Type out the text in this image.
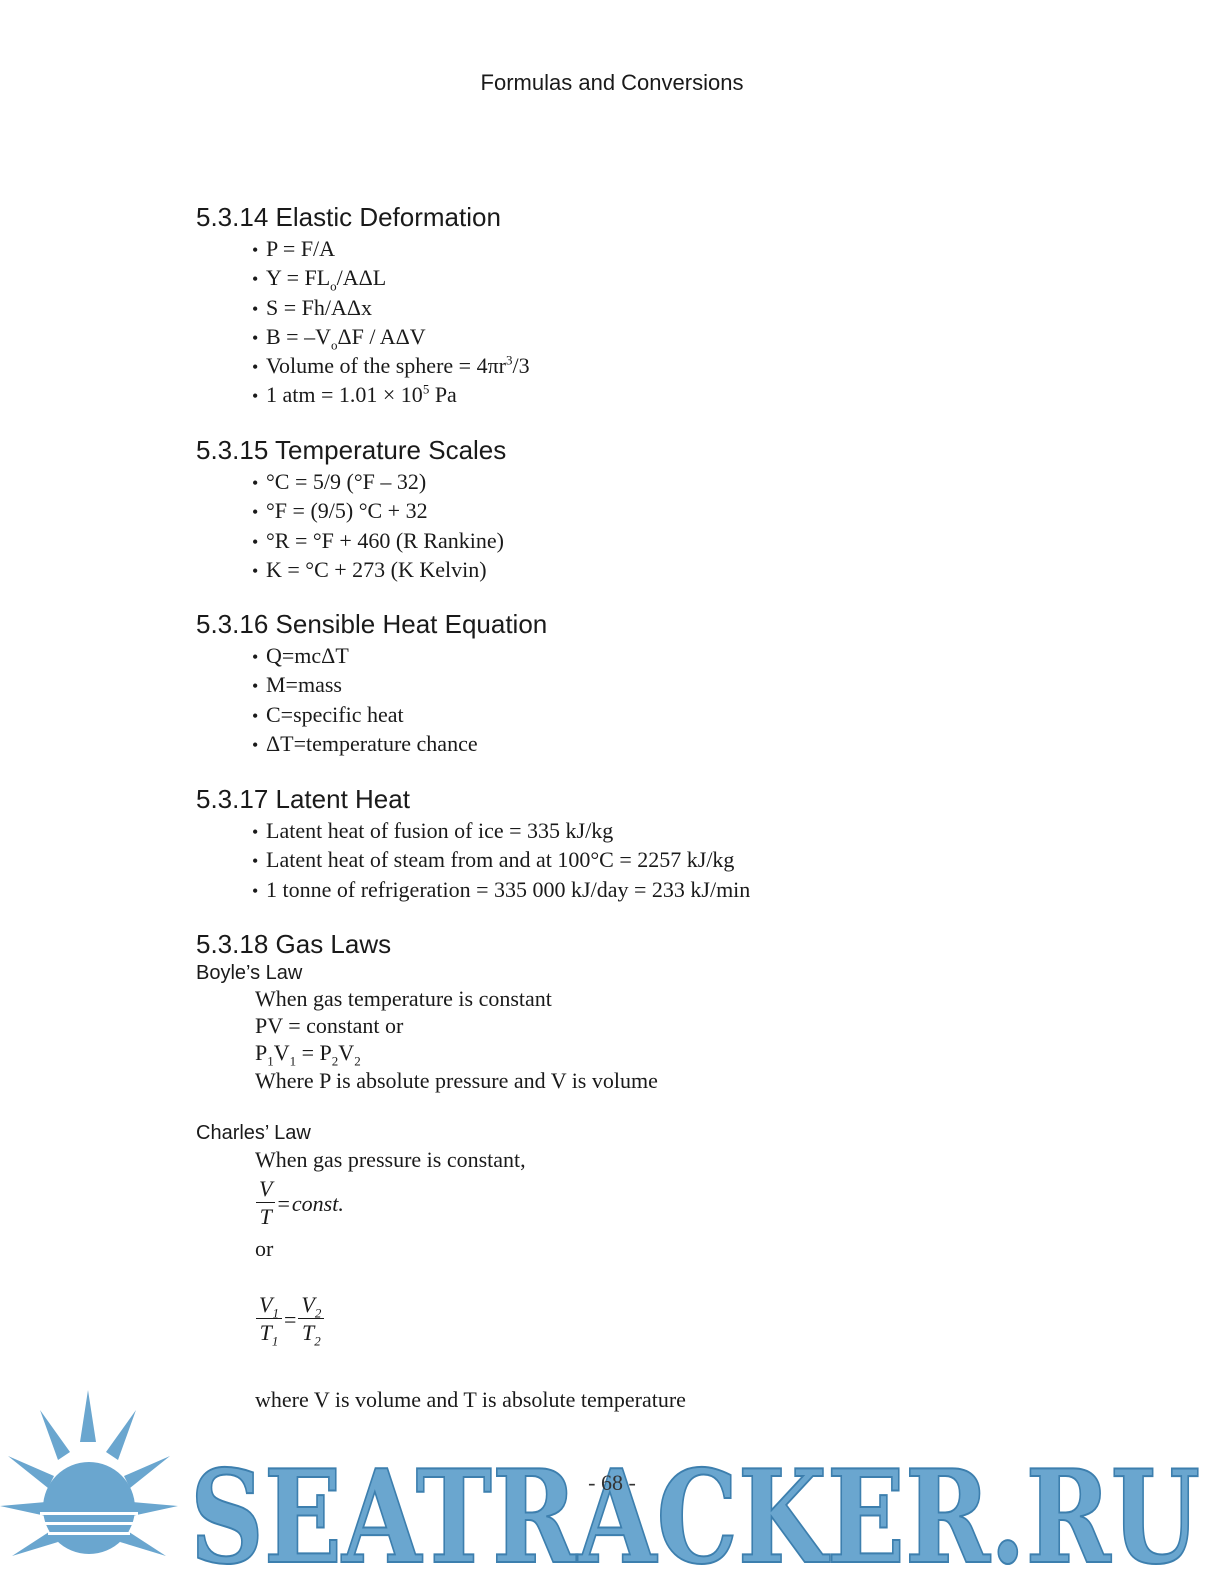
Formulas and Conversions
5.3.14 Elastic Deformation
• P = F/A
• $Y = FL_o$/AΔL
• S = Fh/AΔx
• $B = -V_o\Delta F / A\Delta V$
• Volume of the sphere = $4\pi r^3/3$
• 1 atm = $1.01 \times 10^5$ Pa
5.3.15 Temperature Scales
• °C = 5/9 (°F – 32)
• °F = (9/5) °C + 32
• °R = °F + 460 (R Rankine)
• K = °C + 273 (K Kelvin)
5.3.16 Sensible Heat Equation
• Q=mcΔT
• M=mass
• C=specific heat
• ΔT=temperature chance
5.3.17 Latent Heat
• Latent heat of fusion of ice = 335 kJ/kg
• Latent heat of steam from and at 100°C = 2257 kJ/kg
• 1 tonne of refrigeration = 335 000 kJ/day = 233 kJ/min
5.3.18 Gas Laws
Boyle’s Law
When gas temperature is constant
PV = constant or
$P_1V_1 = P_2V_2$
Where P is absolute pressure and V is volume
Charles’ Law
When gas pressure is constant,
$\frac{V}{T}$ =const.
or
$\frac{V_1}{T_1} = \frac{V_2}{T_2}$
where V is volume and T is absolute temperature
SEATRACKER.RU
- 68 -
